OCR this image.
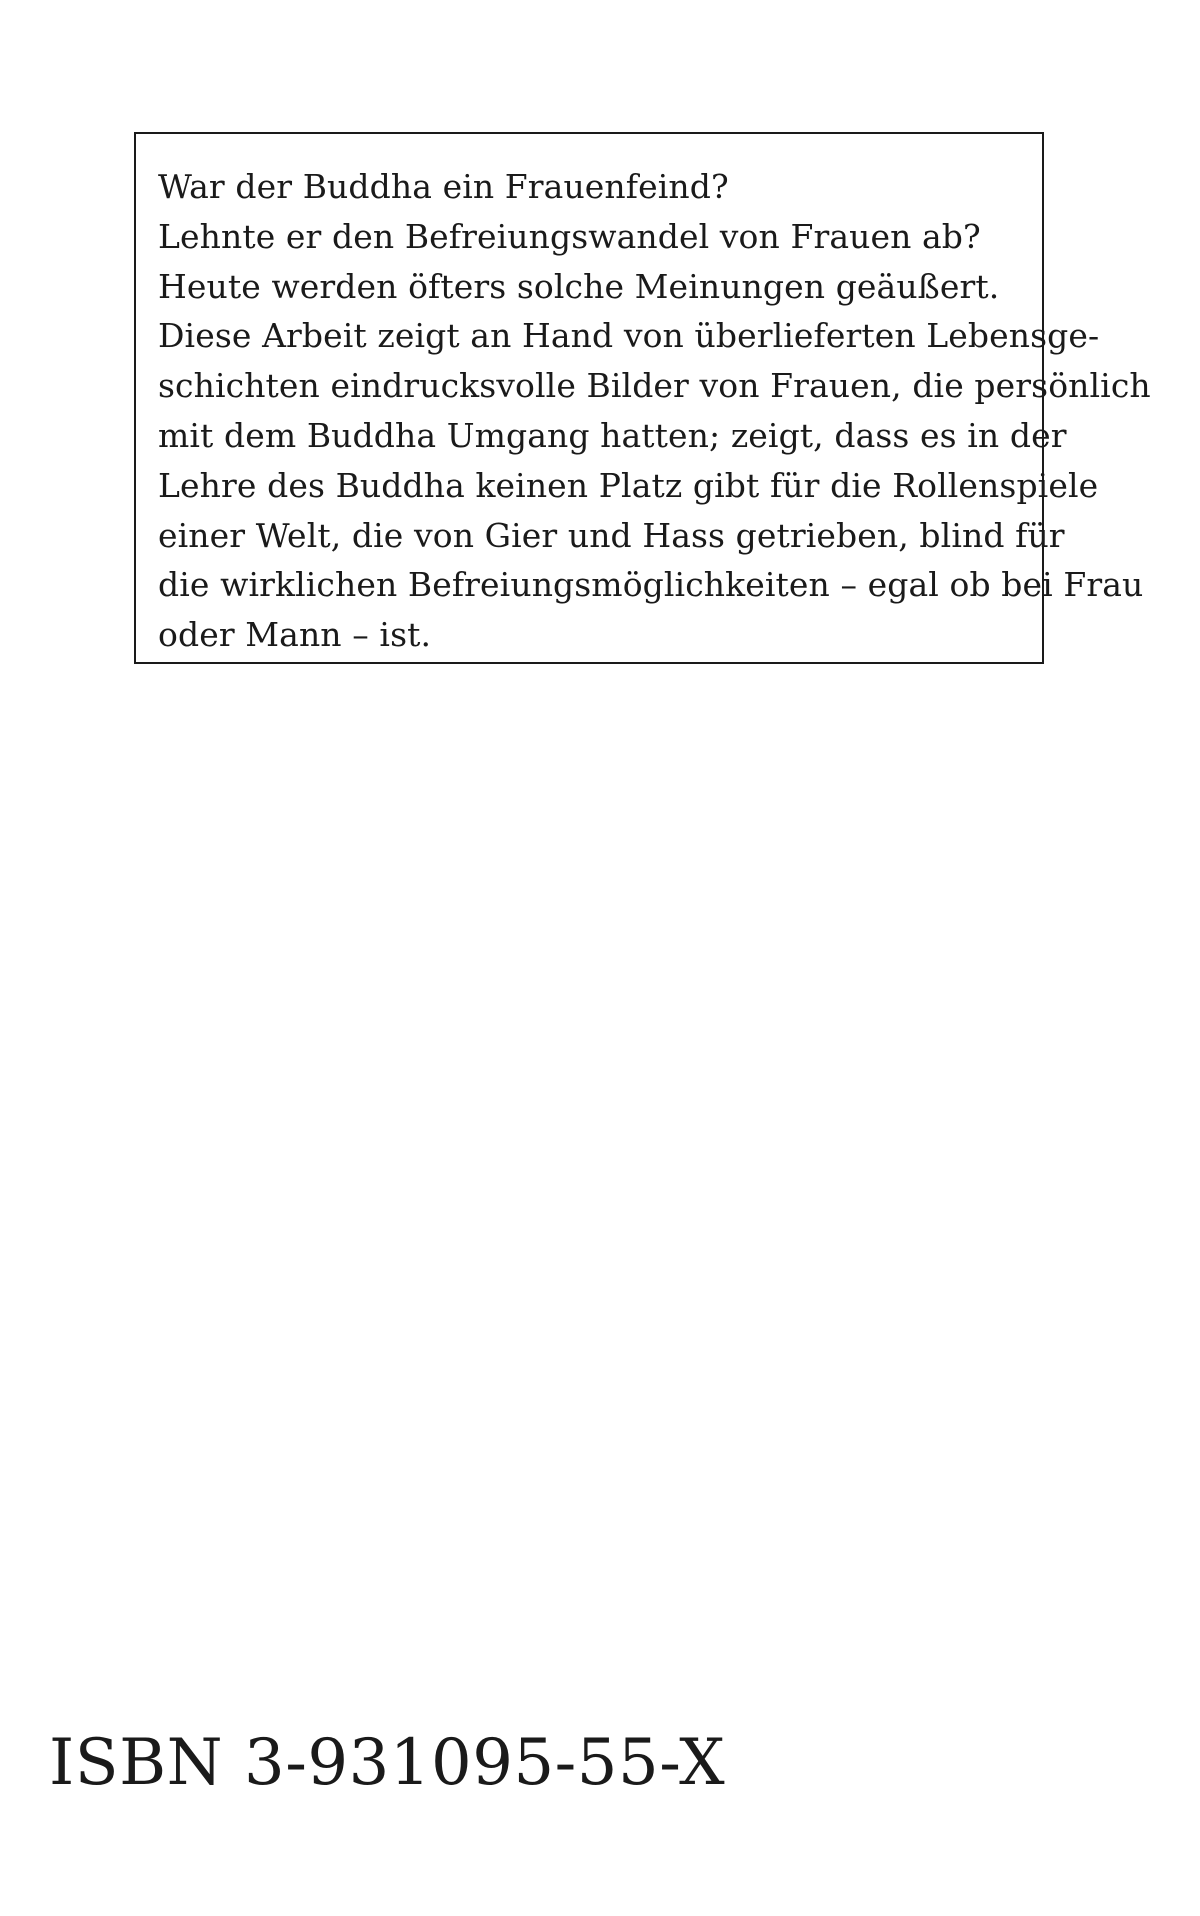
War der Buddha ein Frauenfeind?
Lehnte er den Befreiungswandel von Frauen ab?
Heute werden öfters solche Meinungen geäußert.
Diese Arbeit zeigt an Hand von überlieferten Lebensge-
schichten eindrucksvolle Bilder von Frauen, die persönlich
mit dem Buddha Umgang hatten; zeigt, dass es in der
Lehre des Buddha keinen Platz gibt für die Rollenspiele
einer Welt, die von Gier und Hass getrieben, blind für
die wirklichen Befreiungsmöglichkeiten – egal ob bei Frau
oder Mann – ist.
ISBN 3-931095-55-X
